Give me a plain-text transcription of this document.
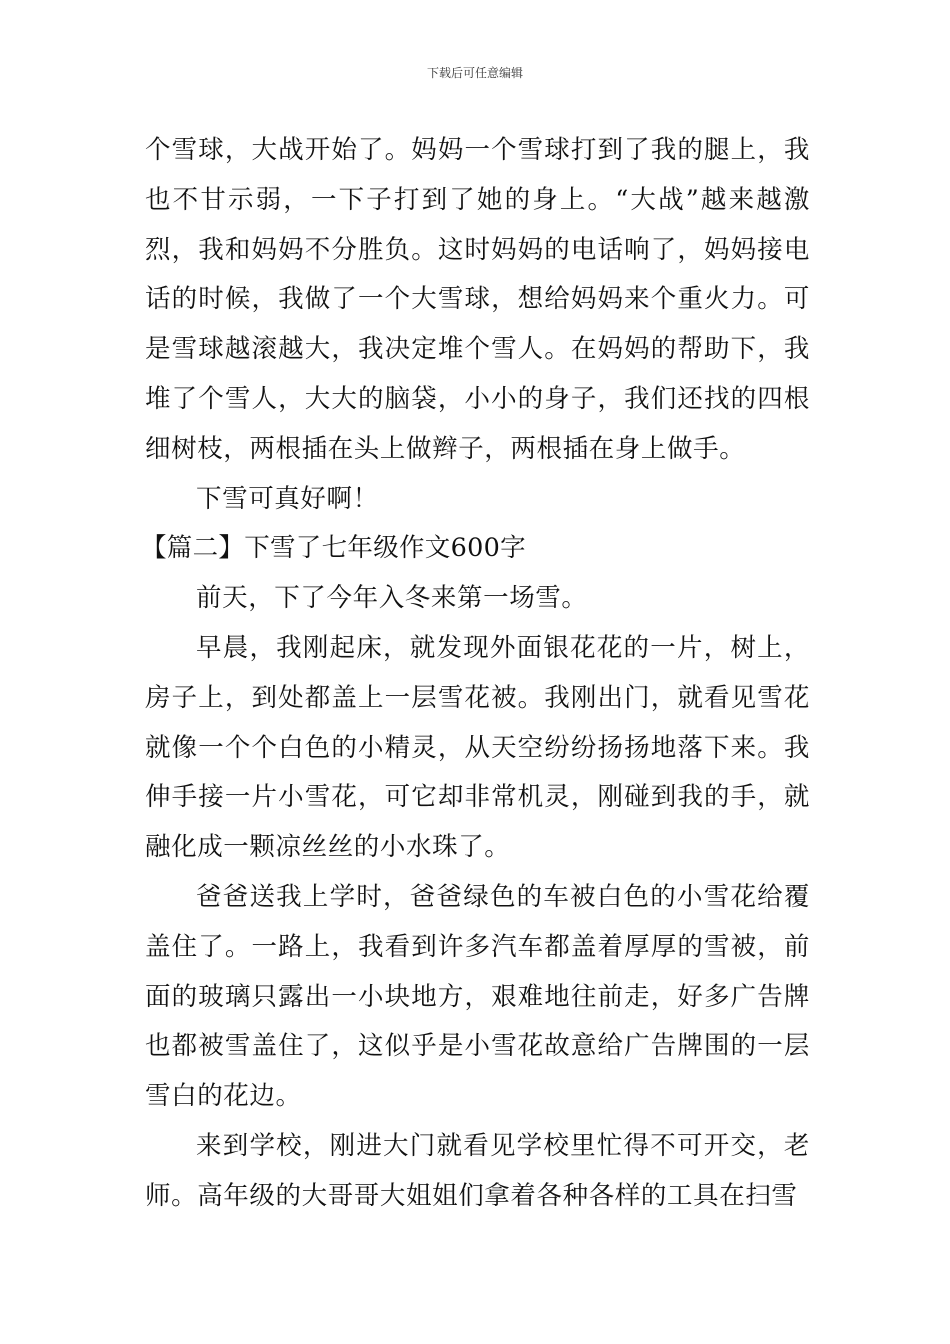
下载后可任意编辑

个雪球，大战开始了。妈妈一个雪球打到了我的腿上，我也不甘示弱，一下子打到了她的身上。“大战”越来越激烈，我和妈妈不分胜负。这时妈妈的电话响了，妈妈接电话的时候，我做了一个大雪球，想给妈妈来个重火力。可是雪球越滚越大，我决定堆个雪人。在妈妈的帮助下，我堆了个雪人，大大的脑袋，小小的身子，我们还找的四根细树枝，两根插在头上做辫子，两根插在身上做手。

下雪可真好啊！

【篇二】下雪了七年级作文600字

前天，下了今年入冬来第一场雪。

早晨，我刚起床，就发现外面银花花的一片，树上，房子上，到处都盖上一层雪花被。我刚出门，就看见雪花就像一个个白色的小精灵，从天空纷纷扬扬地落下来。我伸手接一片小雪花，可它却非常机灵，刚碰到我的手，就融化成一颗凉丝丝的小水珠了。

爸爸送我上学时，爸爸绿色的车被白色的小雪花给覆盖住了。一路上，我看到许多汽车都盖着厚厚的雪被，前面的玻璃只露出一小块地方，艰难地往前走，好多广告牌也都被雪盖住了，这似乎是小雪花故意给广告牌围的一层雪白的花边。

来到学校，刚进大门就看见学校里忙得不可开交，老师。高年级的大哥哥大姐姐们拿着各种各样的工具在扫雪
